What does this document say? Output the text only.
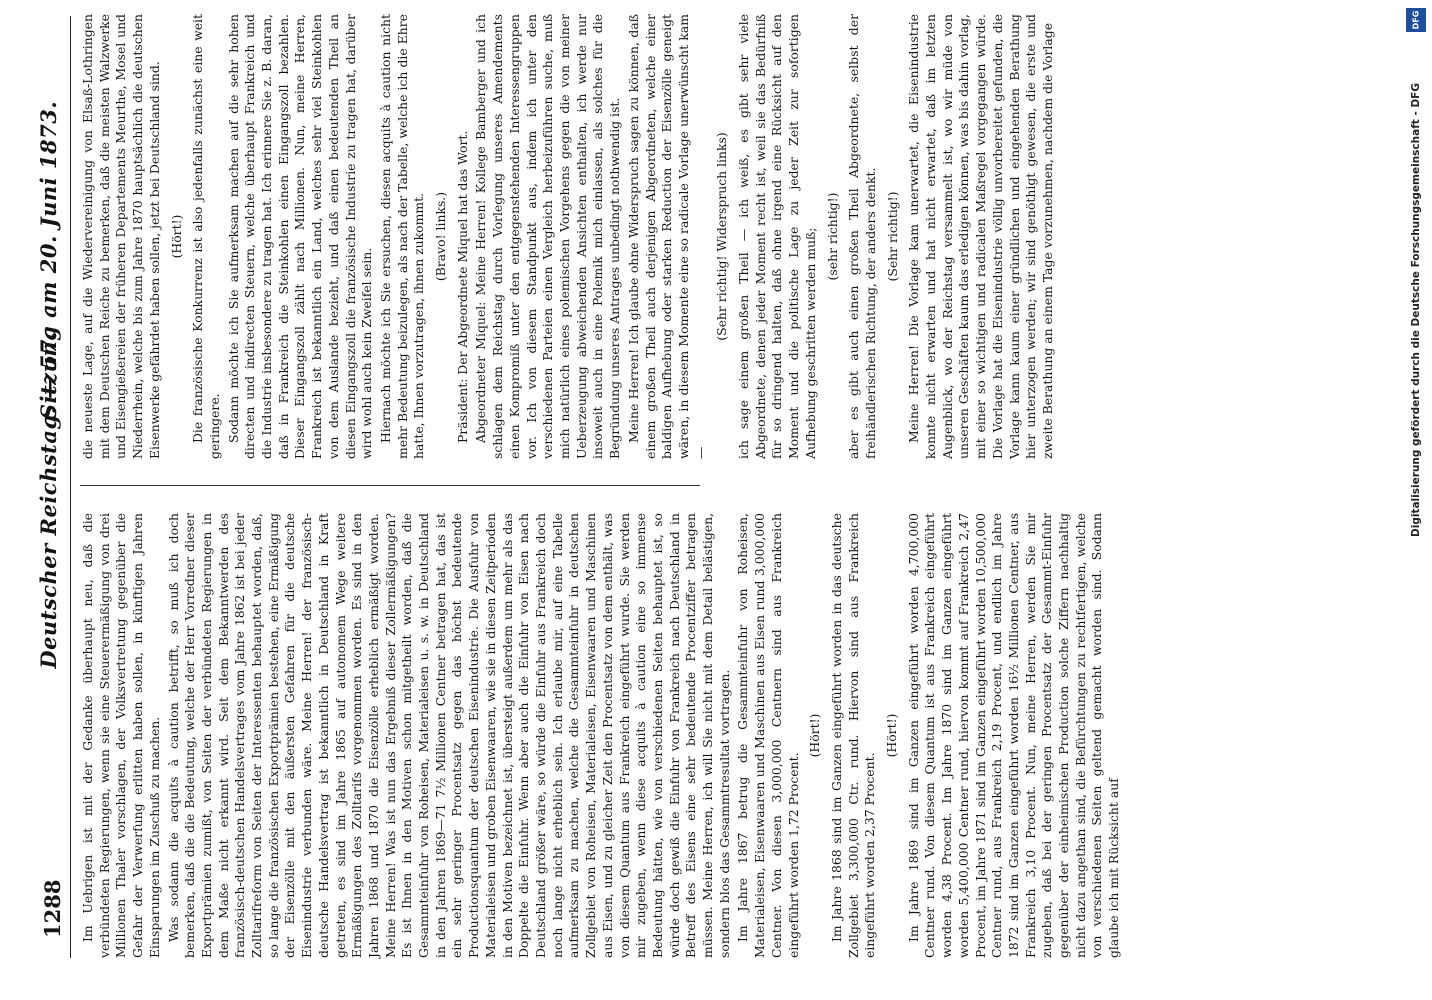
1288
Deutscher Reichstag. — 57.
Sitzung am 20. Juni 1873.

Im Uebrigen ist mit der Gedanke überhaupt neu, daß die verbündeten Regierungen, wenn sie eine Steuerermäßigung von drei Millionen Thaler vorschlagen, der Volksvertretung gegenüber die Gefahr der Verwerfung erlitten haben sollen, in künftigen Jahren Einsparungen im Zuschuß zu machen. Was sodann die acquits à caution betrifft, so muß ich doch bemerken, daß die die Bedeutung, welche der Herr Vorredner dieser Exportprämien zumißt, von Seiten der verbündeten Regierungen in dem Maße nicht erkannt wird. Seit dem Bekanntwerden des französisch-deutschen Handelsvertrages vom Jahre 1862 ist bei jeder Zolltarifreform von Seiten der Interessenten behauptet worden, daß, so lange die französischen Exportprämien bestehen, eine Ermäßigung der Eisenzölle mit den äußersten Gefahren für die deutsche Eisenindustrie verbunden wäre. Meine Herren! der französisch-deutsche Handelsvertrag ist bekanntlich in Deutschland in Kraft getreten, es sind im Jahre 1865 auf autonomem Wege weitere Ermäßigungen des Zolltarifs vorgenommen worden. Es sind in den Jahren 1868 und 1870 die Eisenzölle erheblich ermäßigt worden. Meine Herren! Was ist nun das Ergebniß dieser Zollermäßigungen? Es ist Ihnen in den Motiven schon mitgetheilt worden, daß die Gesammteinfuhr von Roheisen, Materialeisen u. s. w. in Deutschland in den Jahren 1869—71 7½ Millionen Centner betragen hat, das ist ein sehr geringer Procentsatz gegen das höchst bedeutende Productionsquantum der deutschen Eisenindustrie. Die Ausfuhr von Materialeisen und groben Eisenwaaren, wie sie in diesen Zeitperioden in den Motiven bezeichnet ist, übersteigt außerdem um mehr als das Doppelte die Einfuhr. Wenn aber auch die Einfuhr von Eisen nach Deutschland größer wäre, so würde die Einfuhr aus Frankreich doch noch lange nicht erheblich sein. Ich erlaube mir, auf eine Tabelle aufmerksam zu machen, welche die Gesammteinfuhr in deutschen Zollgebiet von Roheisen, Materialeisen, Eisenwaaren und Maschinen aus Eisen, und zu gleicher Zeit den Procentsatz von dem enthält, was von diesem Quantum aus Frankreich eingeführt wurde. Sie werden mir zugeben, wenn diese acquits à caution eine so immense Bedeutung hätten, wie von verschiedenen Seiten behauptet ist, so würde doch gewiß die Einfuhr von Frankreich nach Deutschland in Betreff des Eisens eine sehr bedeutende Procentziffer betragen müssen. Meine Herren, ich will Sie nicht mit dem Detail belästigen, sondern blos das Gesammtresultat vortragen. Im Jahre 1867 betrug die Gesammteinfuhr von Roheisen, Materialeisen, Eisenwaaren und Maschinen aus Eisen rund 3,000,000 Centner. Von diesen 3,000,000 Centnern sind aus Frankreich eingeführt worden 1,72 Procent.

(Hört!) Im Jahre 1868 sind im Ganzen eingeführt worden in das deutsche Zollgebiet 3,300,000 Ctr. rund. Hiervon sind aus Frankreich eingeführt worden 2,37 Procent.

(Hört!) Im Jahre 1869 sind im Ganzen eingeführt worden 4,700,000 Centner rund. Von diesem Quantum ist aus Frankreich eingeführt worden 4,38 Procent. Im Jahre 1870 sind im Ganzen eingeführt worden 5,400,000 Centner rund, hiervon kommt auf Frankreich 2,47 Procent, im Jahre 1871 sind im Ganzen eingeführt worden 10,500,000 Centner rund, aus Frankreich 2,19 Procent, und endlich im Jahre 1872 sind im Ganzen eingeführt worden 16½ Millionen Centner, aus Frankreich 3,10 Procent. Nun, meine Herren, werden Sie mir zugeben, daß bei der geringen Procentsatz der Gesammt-Einfuhr gegenüber der einheimischen Production solche Ziffern nachhaltig nicht dazu angethan sind, die Befürchtungen zu rechtfertigen, welche von verschiedenen Seiten geltend gemacht worden sind. Sodann glaube ich mit Rücksicht auf

die neueste Lage, auf die Wiedervereinigung von Elsaß-Lothringen mit dem Deutschen Reiche zu bemerken, daß die meisten Walzwerke und Eisengießereien der früheren Departements Meurthe, Mosel und Niederrhein, welche bis zum Jahre 1870 hauptsächlich die deutschen Eisenwerke gefährdet haben sollen, jetzt bei Deutschland sind. (Hört!) Die französische Konkurrenz ist also jedenfalls zunächst eine weit geringere. Sodann möchte ich Sie aufmerksam machen auf die sehr hohen directen und indirecten Steuern, welche überhaupt Frankreich und die Industrie insbesondere zu tragen hat. Ich erinnere Sie z. B. daran, daß in Frankreich die Steinkohlen einen Eingangszoll bezahlen. Dieser Eingangszoll zählt nach Millionen. Nun, meine Herren, Frankreich ist bekanntlich ein Land, welches sehr viel Steinkohlen von dem Auslande bezieht, und daß einen bedeutenden Theil an diesen Eingangszoll die französische Industrie zu tragen hat, darüber wird wohl auch kein Zweifel sein. Hiernach möchte ich Sie ersuchen, diesen acquits à caution nicht mehr Bedeutung beizulegen, als nach der Tabelle, welche ich die Ehre hatte, Ihnen vorzutragen, ihnen zukommt. (Bravo! links.) Präsident: Der Abgeordnete Miquel hat das Wort. Abgeordneter Miquel: Meine Herren! Kollege Bamberger und ich schlagen dem Reichstag durch Vorlegung unseres Amendements einen Kompromiß unter den entgegenstehenden Interessengruppen vor. Ich von diesem Standpunkt aus, indem ich unter den verschiedenen Parteien einen Vergleich herbeizuführen suche, muß mich natürlich eines polemischen Vorgehens gegen die von meiner Ueberzeugung abweichenden Ansichten enthalten, ich werde nur insoweit auch in eine Polemik mich einlassen, als solches für die Begründung unseres Antrages unbedingt nothwendig ist. Meine Herren! Ich glaube ohne Widerspruch sagen zu können, daß einem großen Theil auch derjenigen Abgeordneten, welche einer baldigen Aufhebung oder starken Reduction der Eisenzölle geneigt wären, in diesem Momente eine so radicale Vorlage unerwünscht kam —

(Sehr richtig! Widerspruch links) ich sage einem großen Theil — ich weiß, es gibt sehr viele Abgeordnete, denen jeder Moment recht ist, weil sie das Bedürfniß für so dringend halten, daß ohne irgend eine Rücksicht auf den Moment und die politische Lage zu jeder Zeit zur sofortigen Aufhebung geschritten werden muß; (sehr richtig!) aber es gibt auch einen großen Theil Abgeordnete, selbst der freihändlerischen Richtung, der anders denkt. (Sehr richtig!) Meine Herren! Die Vorlage kam unerwartet, die Eisenindustrie konnte nicht erwarten und hat nicht erwartet, daß im letzten Augenblick, wo der Reichstag versammelt ist, wo wir müde von unseren Geschäften kaum das erledigen können, was bis dahin vorlag, mit einer so wichtigen und radicalen Maßregel vorgegangen würde. Die Vorlage hat die Eisenindustrie völlig unvorbereitet gefunden, die Vorlage kann kaum einer gründlichen und eingehenden Berathung hier unterzogen werden; wir sind genöthigt gewesen, die erste und zweite Berathung an einem Tage vorzunehmen, nachdem die Vorlage

DFG
Digitalisierung gefördert durch die Deutsche Forschungsgemeinschaft - DFG
